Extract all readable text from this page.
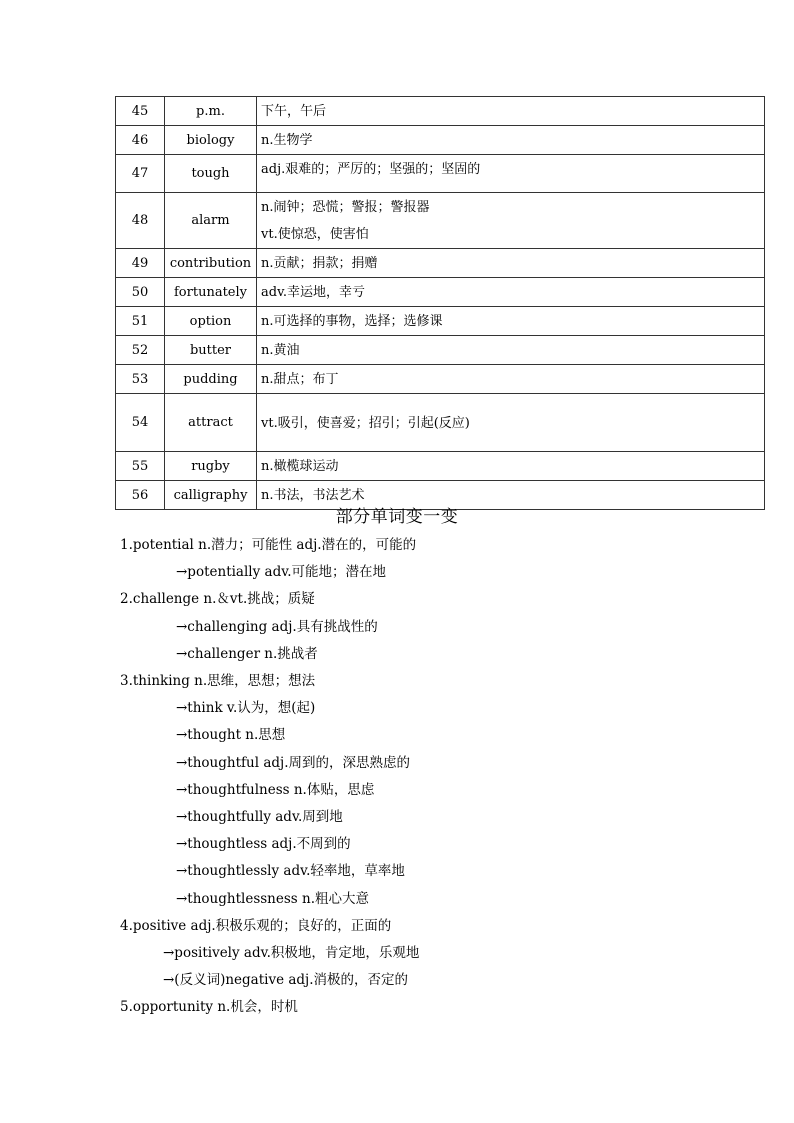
45	p.m.	下午，午后

46	biology	n.生物学

47	tough	adj.艰难的；严厉的；坚强的；坚固的

48	alarm	n.闹钟；恐慌；警报；警报器
vt.使惊恐，使害怕

49	contribution	n.贡献；捐款；捐赠

50	fortunately	adv.幸运地，幸亏

51	option	n.可选择的事物，选择；选修课

52	butter	n.黄油

53	pudding	n.甜点；布丁

54	attract	vt.吸引，使喜爱；招引；引起(反应)

55	rugby	n.橄榄球运动

56	calligraphy	n.书法，书法艺术
部分单词变一变
1.potential n.潜力；可能性 adj.潜在的，可能的
→potentially adv.可能地；潜在地
2.challenge n.＆vt.挑战；质疑
→challenging adj.具有挑战性的
→challenger n.挑战者
3.thinking n.思维，思想；想法
→think v.认为，想(起)
→thought n.思想
→thoughtful adj.周到的，深思熟虑的
→thoughtfulness n.体贴，思虑
→thoughtfully adv.周到地
→thoughtless adj.不周到的
→thoughtlessly adv.轻率地，草率地
→thoughtlessness n.粗心大意
4.positive adj.积极乐观的；良好的，正面的
→positively adv.积极地，肯定地，乐观地
→(反义词)negative adj.消极的，否定的
5.opportunity n.机会，时机
